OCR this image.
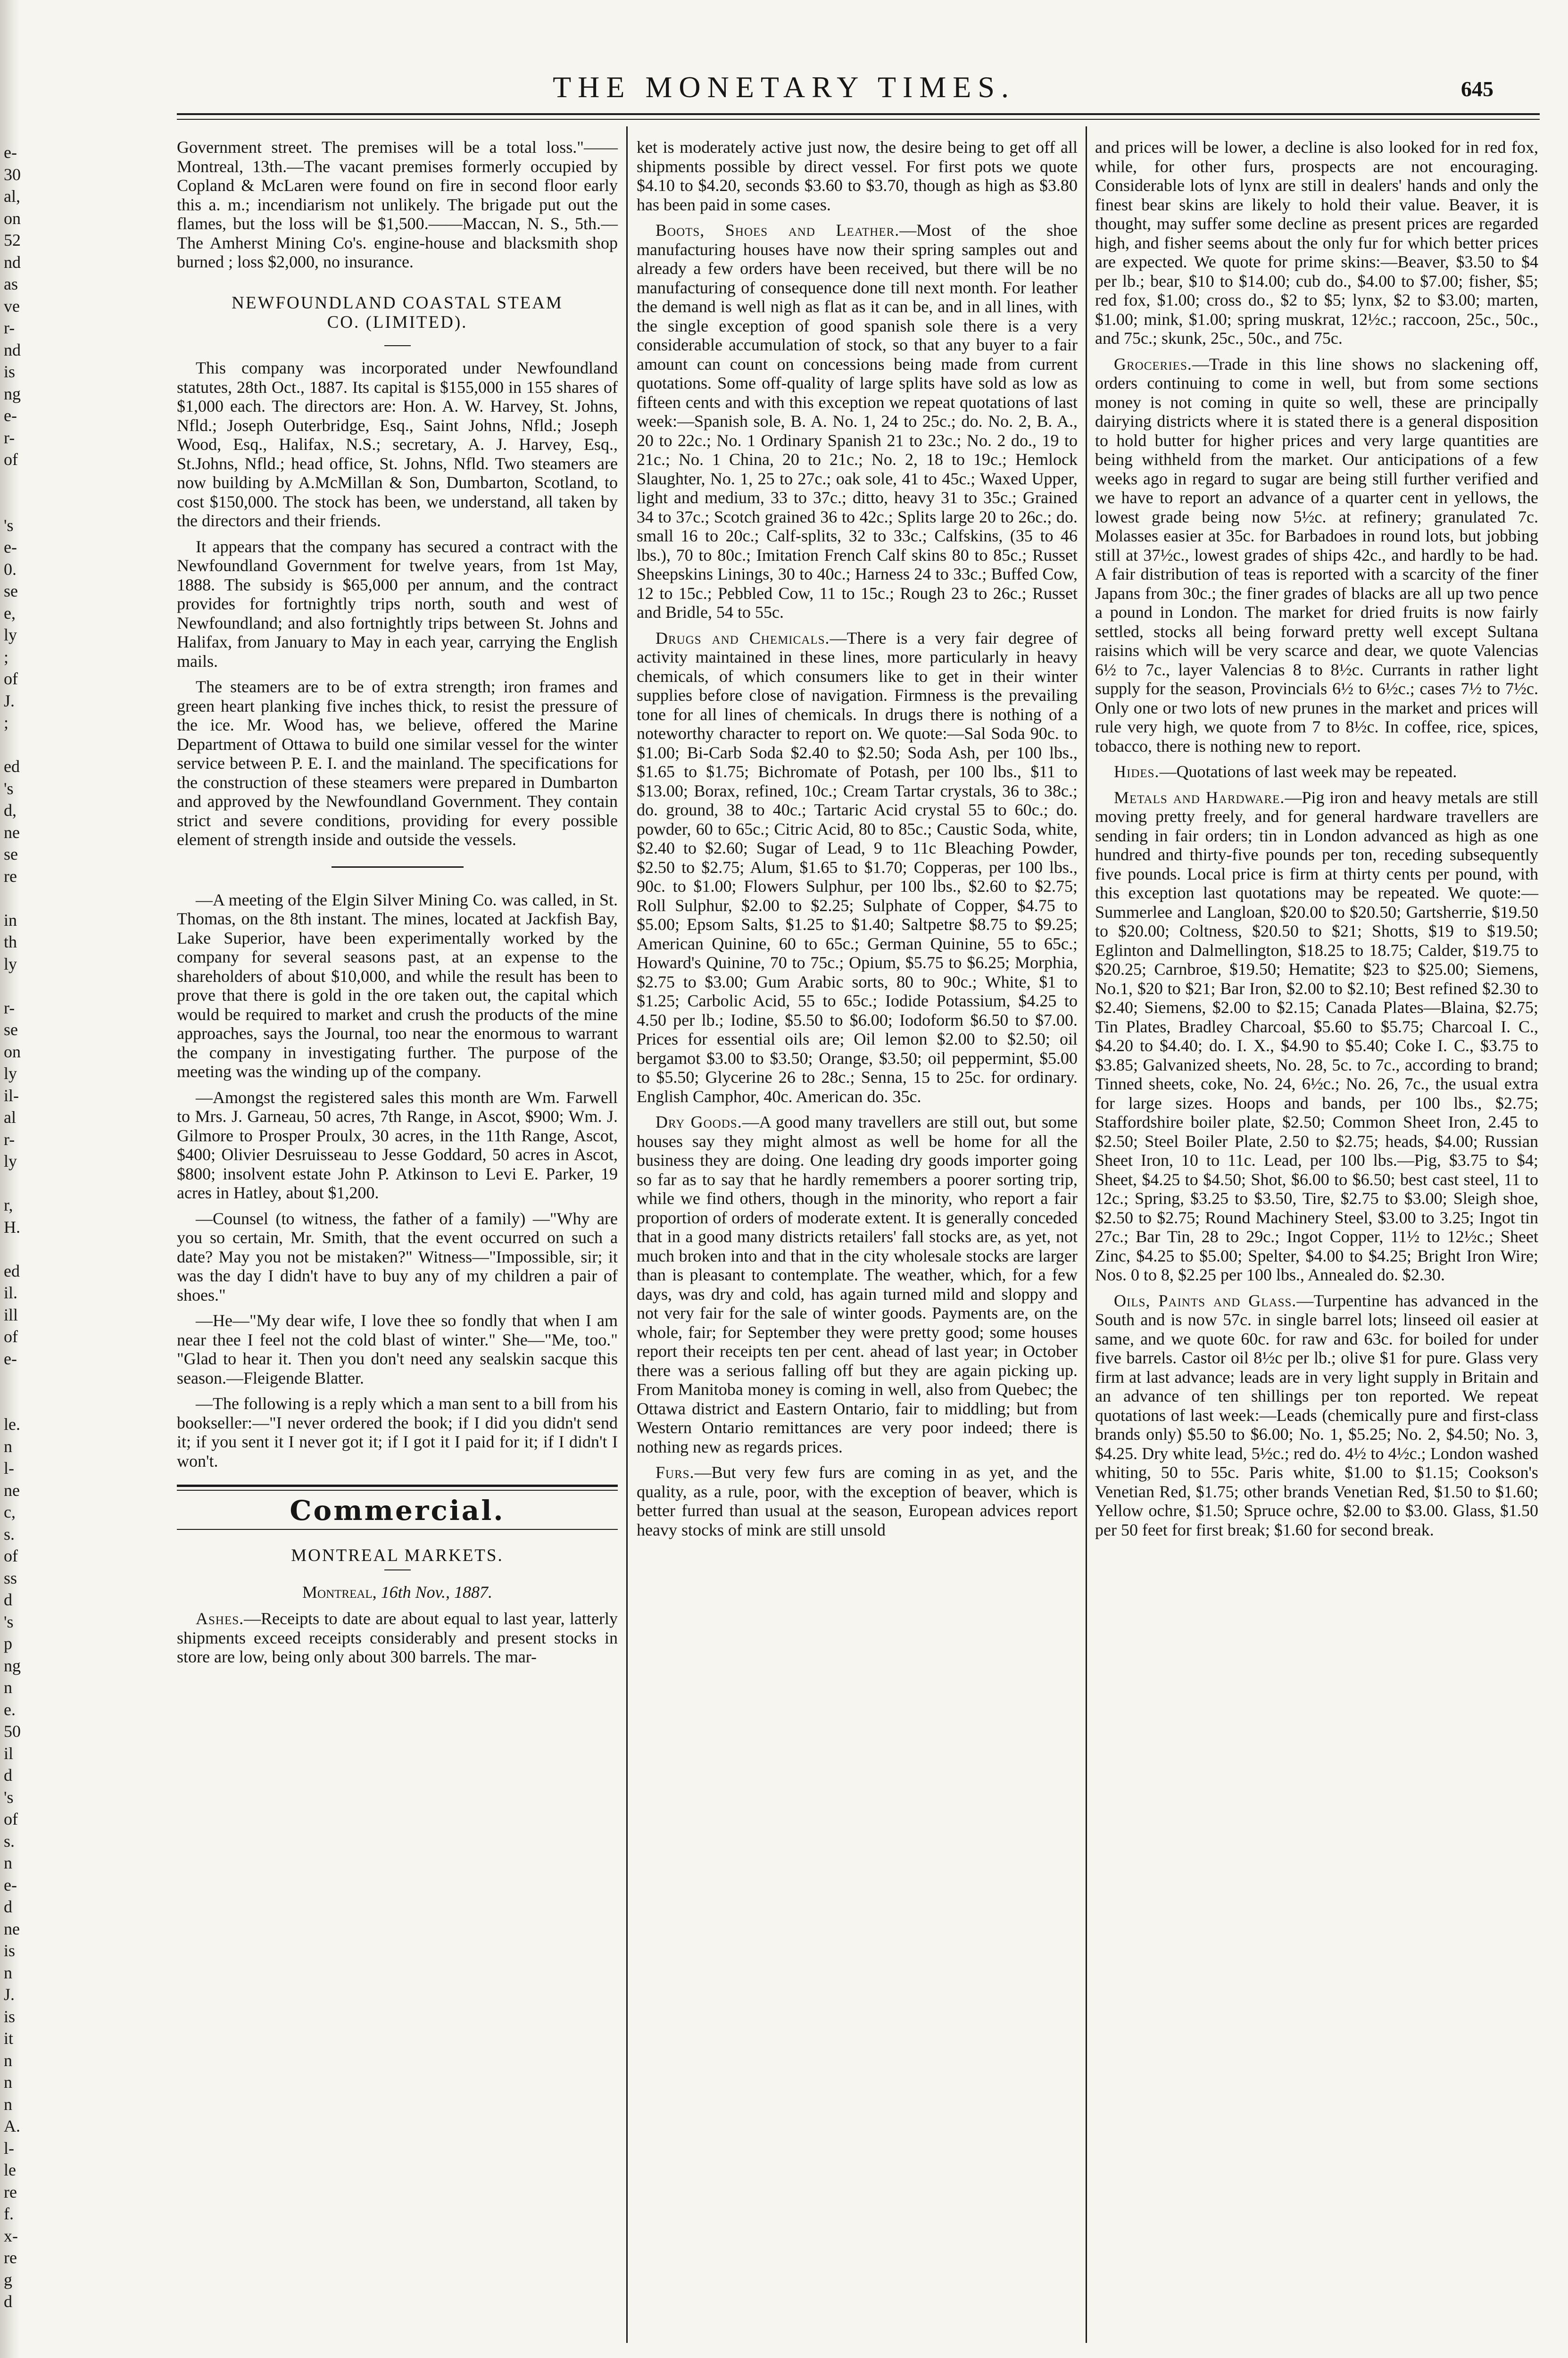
e-
30
al,
on
52
nd
as
ve
r-
nd
is
ng
e-
r-
of

's
e-
0.
se
e,
ly
;
of
J.
;

ed
's
d,
ne
se
re

in
th
ly

r-
se
on
ly
il-
al
r-
ly

r,
H.

ed
il.
ill
of
e-

le.
n
l-
ne
c,
s.
of
ss
d
's
p
ng
n
e.
50
il
d
's
of
s.
n
e-
d
ne
is
n
J.
is
it
n
n
n
A.
l-
le
re
f.
x-
re
g
d
THE MONETARY TIMES.	645

Government street. The premises will be a total loss."——Montreal, 13th.—The vacant premises formerly occupied by Copland & McLaren were found on fire in second floor early this a. m.; incendiarism not unlikely. The brigade put out the flames, but the loss will be $1,500.——Maccan, N. S., 5th.—The Amherst Mining Co's. engine-house and blacksmith shop burned ; loss $2,000, no insurance.

NEWFOUNDLAND COASTAL STEAM
CO. (LIMITED).

This company was incorporated under Newfoundland statutes, 28th Oct., 1887. Its capital is $155,000 in 155 shares of $1,000 each. The directors are: Hon. A. W. Harvey, St. Johns, Nfld.; Joseph Outerbridge, Esq., Saint Johns, Nfld.; Joseph Wood, Esq., Halifax, N.S.; secretary, A. J. Harvey, Esq., St.Johns, Nfld.; head office, St. Johns, Nfld. Two steamers are now building by A.McMillan & Son, Dumbarton, Scotland, to cost $150,000. The stock has been, we understand, all taken by the directors and their friends.

It appears that the company has secured a contract with the Newfoundland Government for twelve years, from 1st May, 1888. The subsidy is $65,000 per annum, and the contract provides for fortnightly trips north, south and west of Newfoundland; and also fortnightly trips between St. Johns and Halifax, from January to May in each year, carrying the English mails.

The steamers are to be of extra strength; iron frames and green heart planking five inches thick, to resist the pressure of the ice. Mr. Wood has, we believe, offered the Marine Department of Ottawa to build one similar vessel for the winter service between P. E. I. and the mainland. The specifications for the construction of these steamers were prepared in Dumbarton and approved by the Newfoundland Government. They contain strict and severe conditions, providing for every possible element of strength inside and outside the vessels.

—A meeting of the Elgin Silver Mining Co. was called, in St. Thomas, on the 8th instant. The mines, located at Jackfish Bay, Lake Superior, have been experimentally worked by the company for several seasons past, at an expense to the shareholders of about $10,000, and while the result has been to prove that there is gold in the ore taken out, the capital which would be required to market and crush the products of the mine approaches, says the Journal, too near the enormous to warrant the company in investigating further. The purpose of the meeting was the winding up of the company.

—Amongst the registered sales this month are Wm. Farwell to Mrs. J. Garneau, 50 acres, 7th Range, in Ascot, $900; Wm. J. Gilmore to Prosper Proulx, 30 acres, in the 11th Range, Ascot, $400; Olivier Desruisseau to Jesse Goddard, 50 acres in Ascot, $800; insolvent estate John P. Atkinson to Levi E. Parker, 19 acres in Hatley, about $1,200.

—Counsel (to witness, the father of a family) —"Why are you so certain, Mr. Smith, that the event occurred on such a date? May you not be mistaken?" Witness—"Impossible, sir; it was the day I didn't have to buy any of my children a pair of shoes."

—He—"My dear wife, I love thee so fondly that when I am near thee I feel not the cold blast of winter." She—"Me, too." "Glad to hear it. Then you don't need any sealskin sacque this season.—Fleigende Blatter.

—The following is a reply which a man sent to a bill from his bookseller:—"I never ordered the book; if I did you didn't send it; if you sent it I never got it; if I got it I paid for it; if I didn't I won't.

Commercial.
MONTREAL MARKETS.
Montreal, 16th Nov., 1887.

Ashes.—Receipts to date are about equal to last year, latterly shipments exceed receipts considerably and present stocks in store are low, being only about 300 barrels. The mar-

ket is moderately active just now, the desire being to get off all shipments possible by direct vessel. For first pots we quote $4.10 to $4.20, seconds $3.60 to $3.70, though as high as $3.80 has been paid in some cases.

Boots, Shoes and Leather.—Most of the shoe manufacturing houses have now their spring samples out and already a few orders have been received, but there will be no manufacturing of consequence done till next month. For leather the demand is well nigh as flat as it can be, and in all lines, with the single exception of good spanish sole there is a very considerable accumulation of stock, so that any buyer to a fair amount can count on concessions being made from current quotations. Some off-quality of large splits have sold as low as fifteen cents and with this exception we repeat quotations of last week:—Spanish sole, B. A. No. 1, 24 to 25c.; do. No. 2, B. A., 20 to 22c.; No. 1 Ordinary Spanish 21 to 23c.; No. 2 do., 19 to 21c.; No. 1 China, 20 to 21c.; No. 2, 18 to 19c.; Hemlock Slaughter, No. 1, 25 to 27c.; oak sole, 41 to 45c.; Waxed Upper, light and medium, 33 to 37c.; ditto, heavy 31 to 35c.; Grained 34 to 37c.; Scotch grained 36 to 42c.; Splits large 20 to 26c.; do. small 16 to 20c.; Calf-splits, 32 to 33c.; Calfskins, (35 to 46 lbs.), 70 to 80c.; Imitation French Calf skins 80 to 85c.; Russet Sheepskins Linings, 30 to 40c.; Harness 24 to 33c.; Buffed Cow, 12 to 15c.; Pebbled Cow, 11 to 15c.; Rough 23 to 26c.; Russet and Bridle, 54 to 55c.

Drugs and Chemicals.—There is a very fair degree of activity maintained in these lines, more particularly in heavy chemicals, of which consumers like to get in their winter supplies before close of navigation. Firmness is the prevailing tone for all lines of chemicals. In drugs there is nothing of a noteworthy character to report on. We quote:—Sal Soda 90c. to $1.00; Bi-Carb Soda $2.40 to $2.50; Soda Ash, per 100 lbs., $1.65 to $1.75; Bichromate of Potash, per 100 lbs., $11 to $13.00; Borax, refined, 10c.; Cream Tartar crystals, 36 to 38c.; do. ground, 38 to 40c.; Tartaric Acid crystal 55 to 60c.; do. powder, 60 to 65c.; Citric Acid, 80 to 85c.; Caustic Soda, white, $2.40 to $2.60; Sugar of Lead, 9 to 11c Bleaching Powder, $2.50 to $2.75; Alum, $1.65 to $1.70; Copperas, per 100 lbs., 90c. to $1.00; Flowers Sulphur, per 100 lbs., $2.60 to $2.75; Roll Sulphur, $2.00 to $2.25; Sulphate of Copper, $4.75 to $5.00; Epsom Salts, $1.25 to $1.40; Saltpetre $8.75 to $9.25; American Quinine, 60 to 65c.; German Quinine, 55 to 65c.; Howard's Quinine, 70 to 75c.; Opium, $5.75 to $6.25; Morphia, $2.75 to $3.00; Gum Arabic sorts, 80 to 90c.; White, $1 to $1.25; Carbolic Acid, 55 to 65c.; Iodide Potassium, $4.25 to 4.50 per lb.; Iodine, $5.50 to $6.00; Iodoform $6.50 to $7.00. Prices for essential oils are; Oil lemon $2.00 to $2.50; oil bergamot $3.00 to $3.50; Orange, $3.50; oil peppermint, $5.00 to $5.50; Glycerine 26 to 28c.; Senna, 15 to 25c. for ordinary. English Camphor, 40c. American do. 35c.

Dry Goods.—A good many travellers are still out, but some houses say they might almost as well be home for all the business they are doing. One leading dry goods importer going so far as to say that he hardly remembers a poorer sorting trip, while we find others, though in the minority, who report a fair proportion of orders of moderate extent. It is generally conceded that in a good many districts retailers' fall stocks are, as yet, not much broken into and that in the city wholesale stocks are larger than is pleasant to contemplate. The weather, which, for a few days, was dry and cold, has again turned mild and sloppy and not very fair for the sale of winter goods. Payments are, on the whole, fair; for September they were pretty good; some houses report their receipts ten per cent. ahead of last year; in October there was a serious falling off but they are again picking up. From Manitoba money is coming in well, also from Quebec; the Ottawa district and Eastern Ontario, fair to middling; but from Western Ontario remittances are very poor indeed; there is nothing new as regards prices.

Furs.—But very few furs are coming in as yet, and the quality, as a rule, poor, with the exception of beaver, which is better furred than usual at the season, European advices report heavy stocks of mink are still unsold

and prices will be lower, a decline is also looked for in red fox, while, for other furs, prospects are not encouraging. Considerable lots of lynx are still in dealers' hands and only the finest bear skins are likely to hold their value. Beaver, it is thought, may suffer some decline as present prices are regarded high, and fisher seems about the only fur for which better prices are expected. We quote for prime skins:—Beaver, $3.50 to $4 per lb.; bear, $10 to $14.00; cub do., $4.00 to $7.00; fisher, $5; red fox, $1.00; cross do., $2 to $5; lynx, $2 to $3.00; marten, $1.00; mink, $1.00; spring muskrat, 12½c.; raccoon, 25c., 50c., and 75c.; skunk, 25c., 50c., and 75c.

Groceries.—Trade in this line shows no slackening off, orders continuing to come in well, but from some sections money is not coming in quite so well, these are principally dairying districts where it is stated there is a general disposition to hold butter for higher prices and very large quantities are being withheld from the market. Our anticipations of a few weeks ago in regard to sugar are being still further verified and we have to report an advance of a quarter cent in yellows, the lowest grade being now 5½c. at refinery; granulated 7c. Molasses easier at 35c. for Barbadoes in round lots, but jobbing still at 37½c., lowest grades of ships 42c., and hardly to be had. A fair distribution of teas is reported with a scarcity of the finer Japans from 30c.; the finer grades of blacks are all up two pence a pound in London. The market for dried fruits is now fairly settled, stocks all being forward pretty well except Sultana raisins which will be very scarce and dear, we quote Valencias 6½ to 7c., layer Valencias 8 to 8½c. Currants in rather light supply for the season, Provincials 6½ to 6½c.; cases 7½ to 7½c. Only one or two lots of new prunes in the market and prices will rule very high, we quote from 7 to 8½c. In coffee, rice, spices, tobacco, there is nothing new to report.

Hides.—Quotations of last week may be repeated.

Metals and Hardware.—Pig iron and heavy metals are still moving pretty freely, and for general hardware travellers are sending in fair orders; tin in London advanced as high as one hundred and thirty-five pounds per ton, receding subsequently five pounds. Local price is firm at thirty cents per pound, with this exception last quotations may be repeated. We quote:—Summerlee and Langloan, $20.00 to $20.50; Gartsherrie, $19.50 to $20.00; Coltness, $20.50 to $21; Shotts, $19 to $19.50; Eglinton and Dalmellington, $18.25 to 18.75; Calder, $19.75 to $20.25; Carnbroe, $19.50; Hematite; $23 to $25.00; Siemens, No.1, $20 to $21; Bar Iron, $2.00 to $2.10; Best refined $2.30 to $2.40; Siemens, $2.00 to $2.15; Canada Plates—Blaina, $2.75; Tin Plates, Bradley Charcoal, $5.60 to $5.75; Charcoal I. C., $4.20 to $4.40; do. I. X., $4.90 to $5.40; Coke I. C., $3.75 to $3.85; Galvanized sheets, No. 28, 5c. to 7c., according to brand; Tinned sheets, coke, No. 24, 6½c.; No. 26, 7c., the usual extra for large sizes. Hoops and bands, per 100 lbs., $2.75; Staffordshire boiler plate, $2.50; Common Sheet Iron, 2.45 to $2.50; Steel Boiler Plate, 2.50 to $2.75; heads, $4.00; Russian Sheet Iron, 10 to 11c. Lead, per 100 lbs.—Pig, $3.75 to $4; Sheet, $4.25 to $4.50; Shot, $6.00 to $6.50; best cast steel, 11 to 12c.; Spring, $3.25 to $3.50, Tire, $2.75 to $3.00; Sleigh shoe, $2.50 to $2.75; Round Machinery Steel, $3.00 to 3.25; Ingot tin 27c.; Bar Tin, 28 to 29c.; Ingot Copper, 11½ to 12½c.; Sheet Zinc, $4.25 to $5.00; Spelter, $4.00 to $4.25; Bright Iron Wire; Nos. 0 to 8, $2.25 per 100 lbs., Annealed do. $2.30.

Oils, Paints and Glass.—Turpentine has advanced in the South and is now 57c. in single barrel lots; linseed oil easier at same, and we quote 60c. for raw and 63c. for boiled for under five barrels. Castor oil 8½c per lb.; olive $1 for pure. Glass very firm at last advance; leads are in very light supply in Britain and an advance of ten shillings per ton reported. We repeat quotations of last week:—Leads (chemically pure and first-class brands only) $5.50 to $6.00; No. 1, $5.25; No. 2, $4.50; No. 3, $4.25. Dry white lead, 5½c.; red do. 4½ to 4½c.; London washed whiting, 50 to 55c. Paris white, $1.00 to $1.15; Cookson's Venetian Red, $1.75; other brands Venetian Red, $1.50 to $1.60; Yellow ochre, $1.50; Spruce ochre, $2.00 to $3.00. Glass, $1.50 per 50 feet for first break; $1.60 for second break.
